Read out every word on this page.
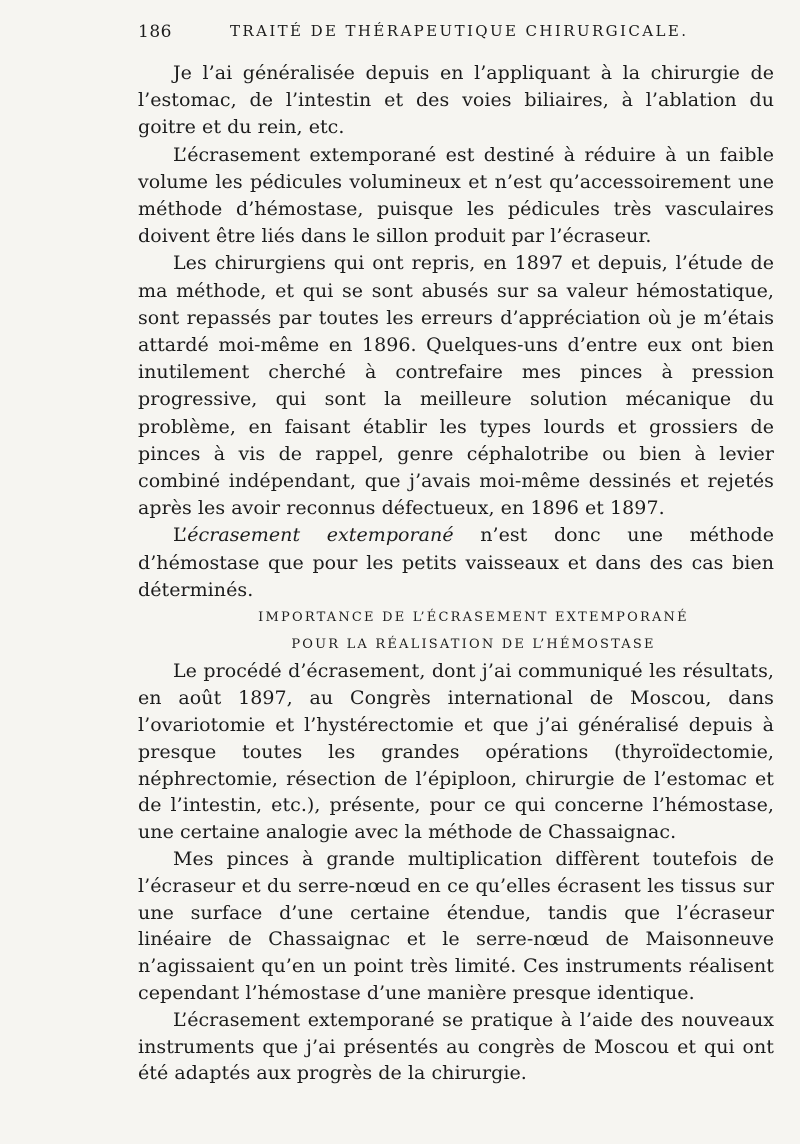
186	TRAITÉ DE THÉRAPEUTIQUE CHIRURGICALE.

Je l’ai généralisée depuis en l’appliquant à la chirurgie de l’estomac, de l’intestin et des voies biliaires, à l’ablation du goitre et du rein, etc.

L’écrasement extemporané est destiné à réduire à un faible volume les pédicules volumineux et n’est qu’accessoirement une méthode d’hémostase, puisque les pédicules très vasculaires doivent être liés dans le sillon produit par l’écraseur.

Les chirurgiens qui ont repris, en 1897 et depuis, l’étude de ma méthode, et qui se sont abusés sur sa valeur hémostatique, sont repassés par toutes les erreurs d’appréciation où je m’étais attardé moi-même en 1896. Quelques-uns d’entre eux ont bien inutilement cherché à contrefaire mes pinces à pression progressive, qui sont la meilleure solution mécanique du problème, en faisant établir les types lourds et grossiers de pinces à vis de rappel, genre céphalotribe ou bien à levier combiné indépendant, que j’avais moi-même dessinés et rejetés après les avoir reconnus défectueux, en 1896 et 1897.

L’écrasement extemporané n’est donc une méthode d’hémostase que pour les petits vaisseaux et dans des cas bien déterminés.

IMPORTANCE DE L’ÉCRASEMENT EXTEMPORANÉ

POUR LA RÉALISATION DE L’HÉMOSTASE

Le procédé d’écrasement, dont j’ai communiqué les résultats, en août 1897, au Congrès international de Moscou, dans l’ovariotomie et l’hystérectomie et que j’ai généralisé depuis à presque toutes les grandes opérations (thyroïdectomie, néphrectomie, résection de l’épiploon, chirurgie de l’estomac et de l’intestin, etc.), présente, pour ce qui concerne l’hémostase, une certaine analogie avec la méthode de Chassaignac.

Mes pinces à grande multiplication diffèrent toutefois de l’écraseur et du serre-nœud en ce qu’elles écrasent les tissus sur une surface d’une certaine étendue, tandis que l’écraseur linéaire de Chassaignac et le serre-nœud de Maisonneuve n’agissaient qu’en un point très limité. Ces instruments réalisent cependant l’hémostase d’une manière presque identique.

L’écrasement extemporané se pratique à l’aide des nouveaux instruments que j’ai présentés au congrès de Moscou et qui ont été adaptés aux progrès de la chirurgie.
